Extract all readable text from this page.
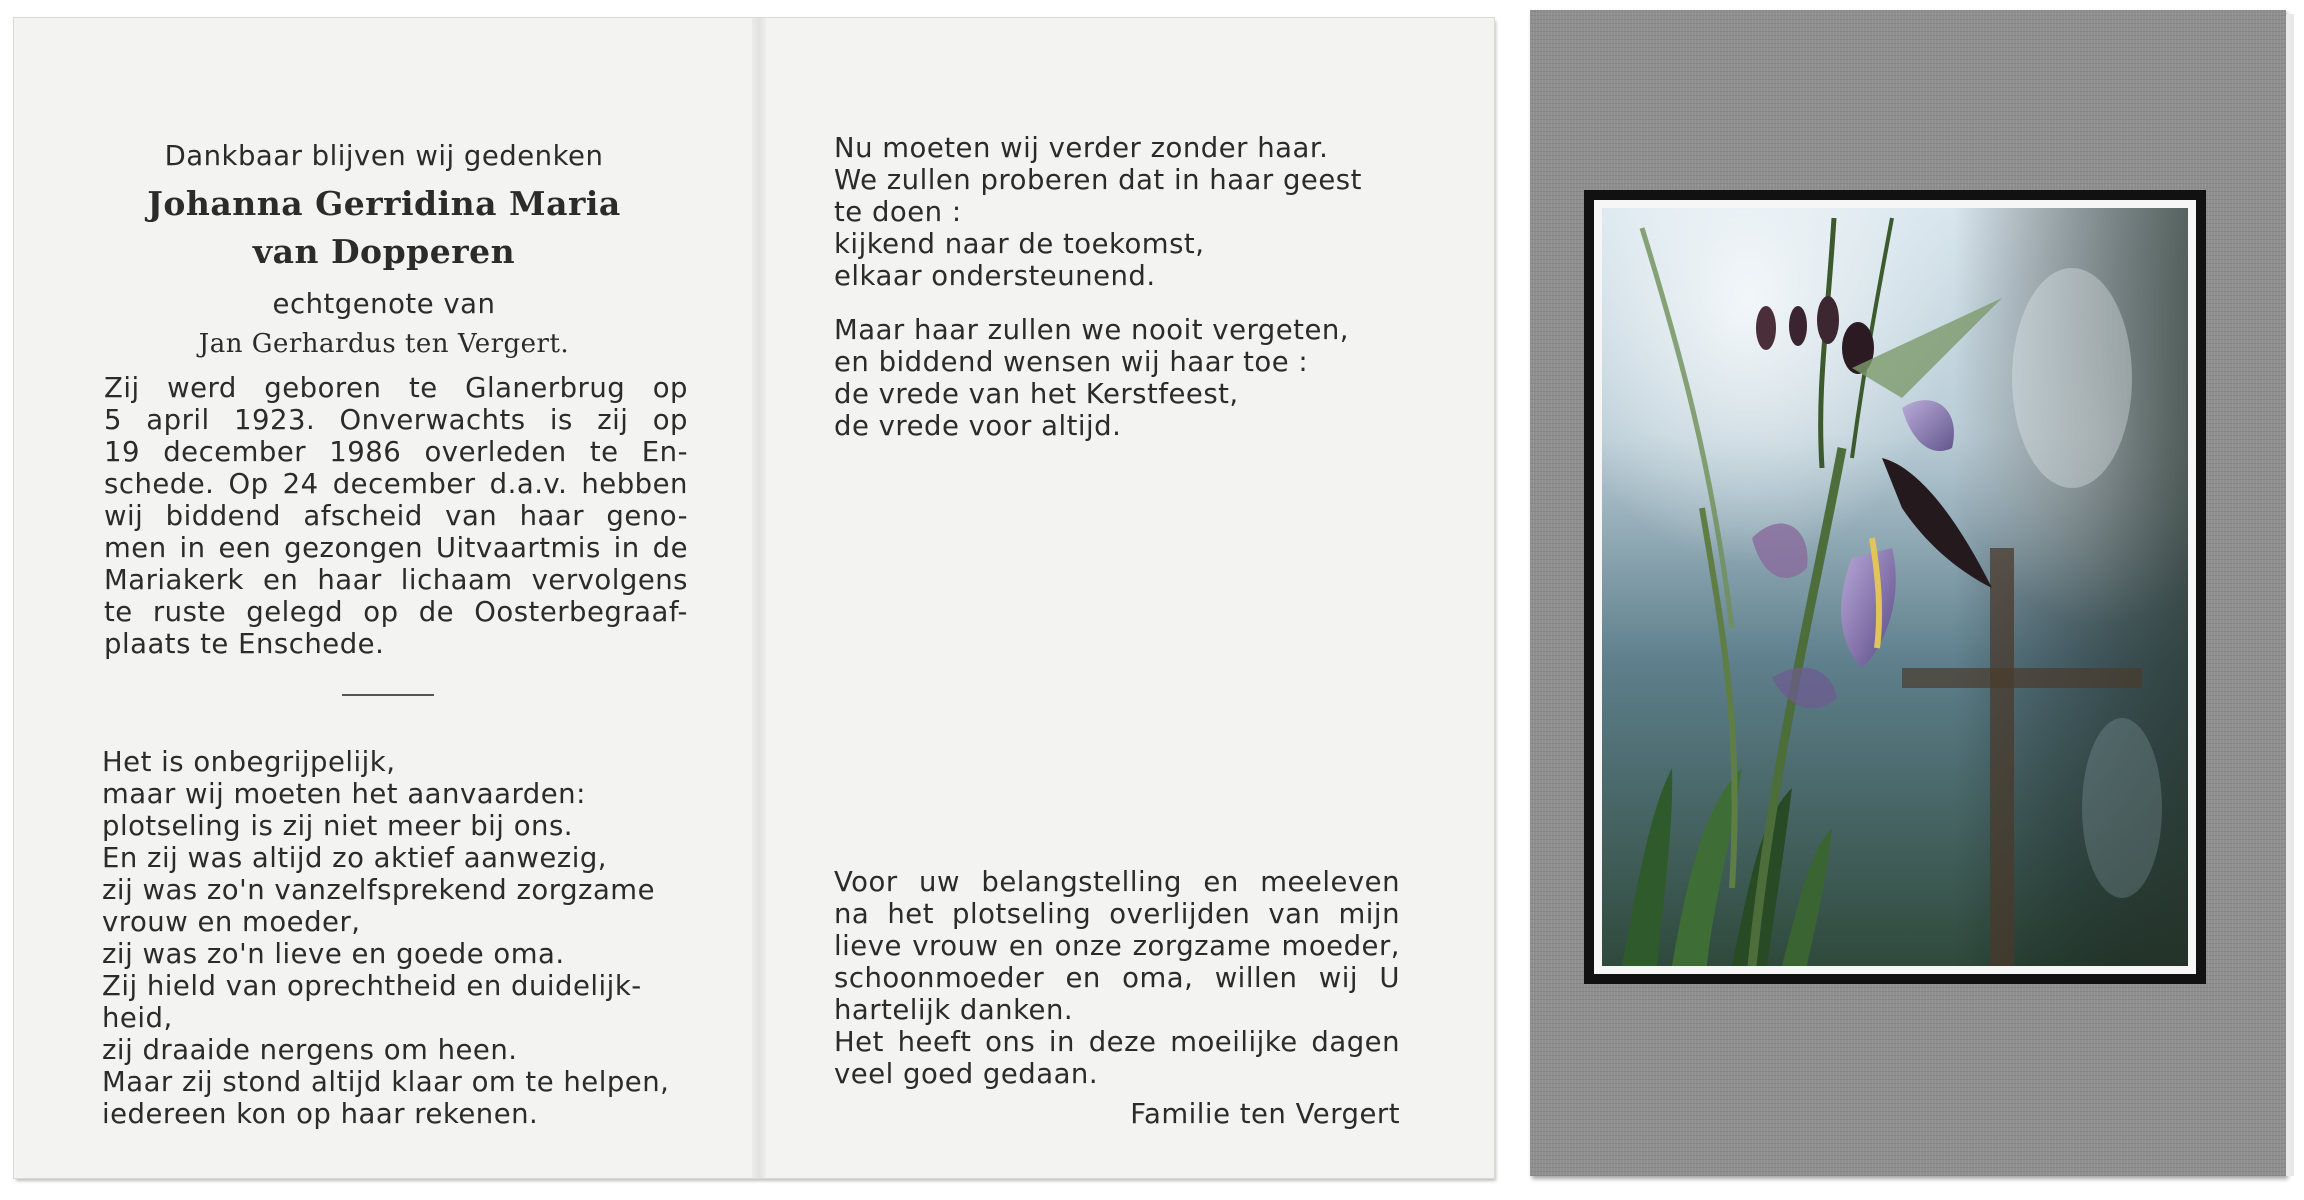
Dankbaar blijven wij gedenken
Johanna Gerridina Maria
van Dopperen
echtgenote van
Jan Gerhardus ten Vergert.
Zij werd geboren te Glanerbrug op
5 april 1923. Onverwachts is zij op
19 december 1986 overleden te En-
schede. Op 24 december d.a.v. hebben
wij biddend afscheid van haar geno-
men in een gezongen Uitvaartmis in de
Mariakerk en haar lichaam vervolgens
te ruste gelegd op de Oosterbegraaf-
plaats te Enschede.
Het is onbegrijpelijk,
maar wij moeten het aanvaarden:
plotseling is zij niet meer bij ons.
En zij was altijd zo aktief aanwezig,
zij was zo'n vanzelfsprekend zorgzame
vrouw en moeder,
zij was zo'n lieve en goede oma.
Zij hield van oprechtheid en duidelijk-
heid,
zij draaide nergens om heen.
Maar zij stond altijd klaar om te helpen,
iedereen kon op haar rekenen.
Nu moeten wij verder zonder haar.
We zullen proberen dat in haar geest
te doen :
kijkend naar de toekomst,
elkaar ondersteunend.
Maar haar zullen we nooit vergeten,
en biddend wensen wij haar toe :
de vrede van het Kerstfeest,
de vrede voor altijd.
Voor uw belangstelling en meeleven
na het plotseling overlijden van mijn
lieve vrouw en onze zorgzame moeder,
schoonmoeder en oma, willen wij U
hartelijk danken.
Het heeft ons in deze moeilijke dagen
veel goed gedaan.
Familie ten Vergert
